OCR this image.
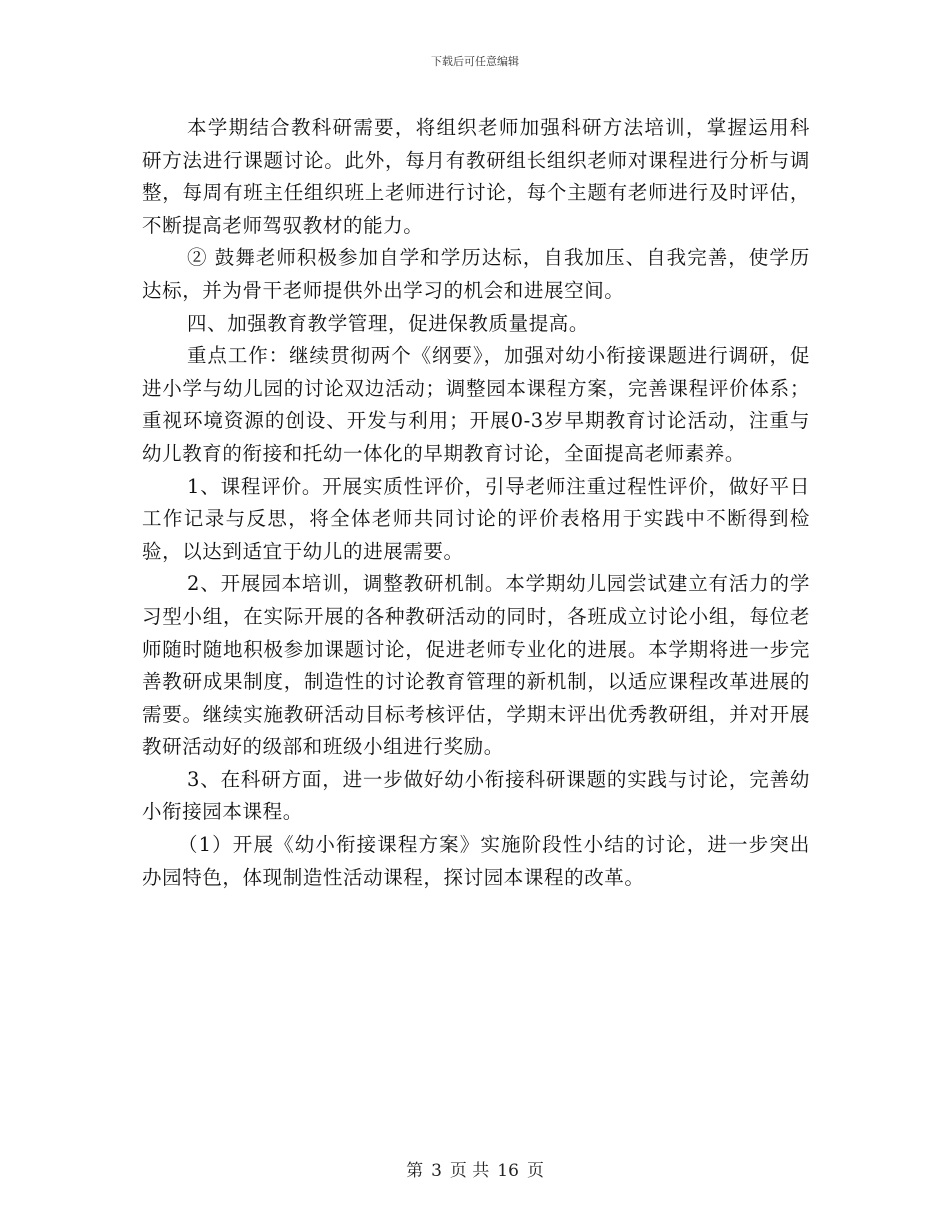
下载后可任意编辑

本学期结合教科研需要，将组织老师加强科研方法培训，掌握运用科研方法进行课题讨论。此外，每月有教研组长组织老师对课程进行分析与调整，每周有班主任组织班上老师进行讨论，每个主题有老师进行及时评估，不断提高老师驾驭教材的能力。

② 鼓舞老师积极参加自学和学历达标，自我加压、自我完善，使学历达标，并为骨干老师提供外出学习的机会和进展空间。

四、加强教育教学管理，促进保教质量提高。

重点工作：继续贯彻两个《纲要》，加强对幼小衔接课题进行调研，促进小学与幼儿园的讨论双边活动；调整园本课程方案，完善课程评价体系；重视环境资源的创设、开发与利用；开展0-3岁早期教育讨论活动，注重与幼儿教育的衔接和托幼一体化的早期教育讨论，全面提高老师素养。

1、课程评价。开展实质性评价，引导老师注重过程性评价，做好平日工作记录与反思，将全体老师共同讨论的评价表格用于实践中不断得到检验，以达到适宜于幼儿的进展需要。

2、开展园本培训，调整教研机制。本学期幼儿园尝试建立有活力的学习型小组，在实际开展的各种教研活动的同时，各班成立讨论小组，每位老师随时随地积极参加课题讨论，促进老师专业化的进展。本学期将进一步完善教研成果制度，制造性的讨论教育管理的新机制，以适应课程改革进展的需要。继续实施教研活动目标考核评估，学期末评出优秀教研组，并对开展教研活动好的级部和班级小组进行奖励。

3、在科研方面，进一步做好幼小衔接科研课题的实践与讨论，完善幼小衔接园本课程。

（1）开展《幼小衔接课程方案》实施阶段性小结的讨论，进一步突出办园特色，体现制造性活动课程，探讨园本课程的改革。

第 3 页 共 16 页
